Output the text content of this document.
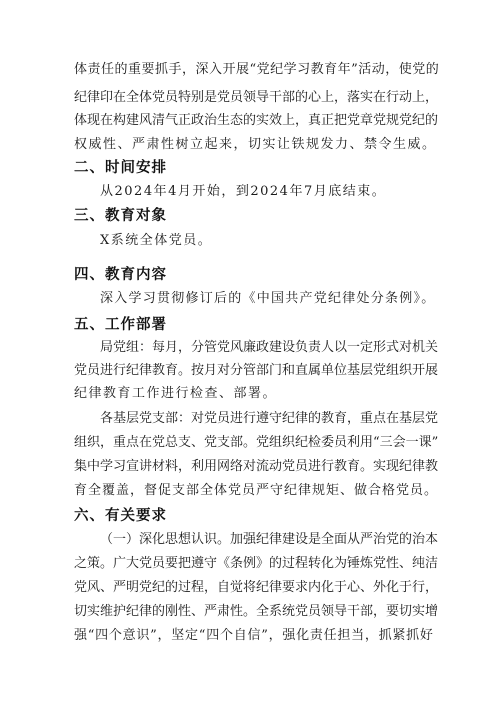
体责任的重要抓手，深入开展“党纪学习教育年”活动，使党的
纪律印在全体党员特别是党员领导干部的心上，落实在行动上，
体现在构建风清气正政治生态的实效上，真正把党章党规党纪的
权威性、严肃性树立起来，切实让铁规发力、禁令生威。
二、时间安排
从2024年4月开始，到2024年7月底结束。
三、教育对象
X系统全体党员。
四、教育内容
深入学习贯彻修订后的《中国共产党纪律处分条例》。
五、工作部署
局党组：每月，分管党风廉政建设负责人以一定形式对机关
党员进行纪律教育。按月对分管部门和直属单位基层党组织开展
纪律教育工作进行检查、部署。
各基层党支部：对党员进行遵守纪律的教育，重点在基层党
组织，重点在党总支、党支部。党组织纪检委员利用“三会一课”
集中学习宣讲材料，利用网络对流动党员进行教育。实现纪律教
育全覆盖，督促支部全体党员严守纪律规矩、做合格党员。
六、有关要求
（一）深化思想认识。加强纪律建设是全面从严治党的治本
之策。广大党员要把遵守《条例》的过程转化为锤炼党性、纯洁
党风、严明党纪的过程，自觉将纪律要求内化于心、外化于行，
切实维护纪律的刚性、严肃性。全系统党员领导干部，要切实增
强“四个意识”，坚定“四个自信”，强化责任担当，抓紧抓好
